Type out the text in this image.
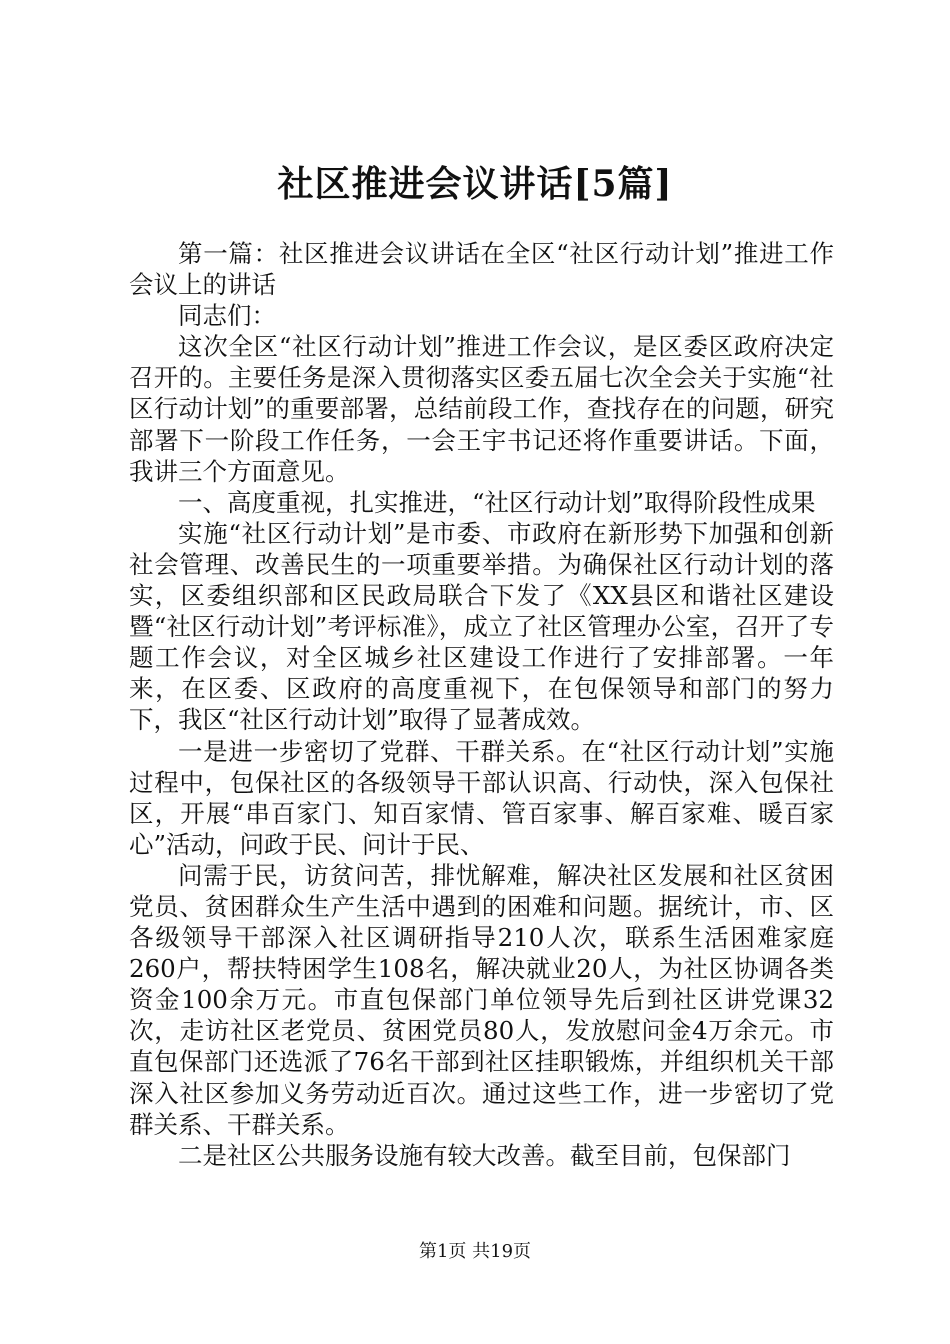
社区推进会议讲话[5篇]

第一篇：社区推进会议讲话在全区“社区行动计划”推进工作会议上的讲话

同志们：

这次全区“社区行动计划”推进工作会议，是区委区政府决定召开的。主要任务是深入贯彻落实区委五届七次全会关于实施“社区行动计划”的重要部署，总结前段工作，查找存在的问题，研究部署下一阶段工作任务，一会王宇书记还将作重要讲话。下面，我讲三个方面意见。

一、高度重视，扎实推进，“社区行动计划”取得阶段性成果

实施“社区行动计划”是市委、市政府在新形势下加强和创新社会管理、改善民生的一项重要举措。为确保社区行动计划的落实，区委组织部和区民政局联合下发了《XX县区和谐社区建设暨“社区行动计划”考评标准》，成立了社区管理办公室，召开了专题工作会议，对全区城乡社区建设工作进行了安排部署。一年来，在区委、区政府的高度重视下，在包保领导和部门的努力下，我区“社区行动计划”取得了显著成效。

一是进一步密切了党群、干群关系。在“社区行动计划”实施过程中，包保社区的各级领导干部认识高、行动快，深入包保社区，开展“串百家门、知百家情、管百家事、解百家难、暖百家心”活动，问政于民、问计于民、

问需于民，访贫问苦，排忧解难，解决社区发展和社区贫困党员、贫困群众生产生活中遇到的困难和问题。据统计，市、区各级领导干部深入社区调研指导210人次，联系生活困难家庭260户，帮扶特困学生108名，解决就业20人，为社区协调各类资金100余万元。市直包保部门单位领导先后到社区讲党课32次，走访社区老党员、贫困党员80人，发放慰问金4万余元。市直包保部门还选派了76名干部到社区挂职锻炼，并组织机关干部深入社区参加义务劳动近百次。通过这些工作，进一步密切了党群关系、干群关系。

二是社区公共服务设施有较大改善。截至目前，包保部门

第1页 共19页
